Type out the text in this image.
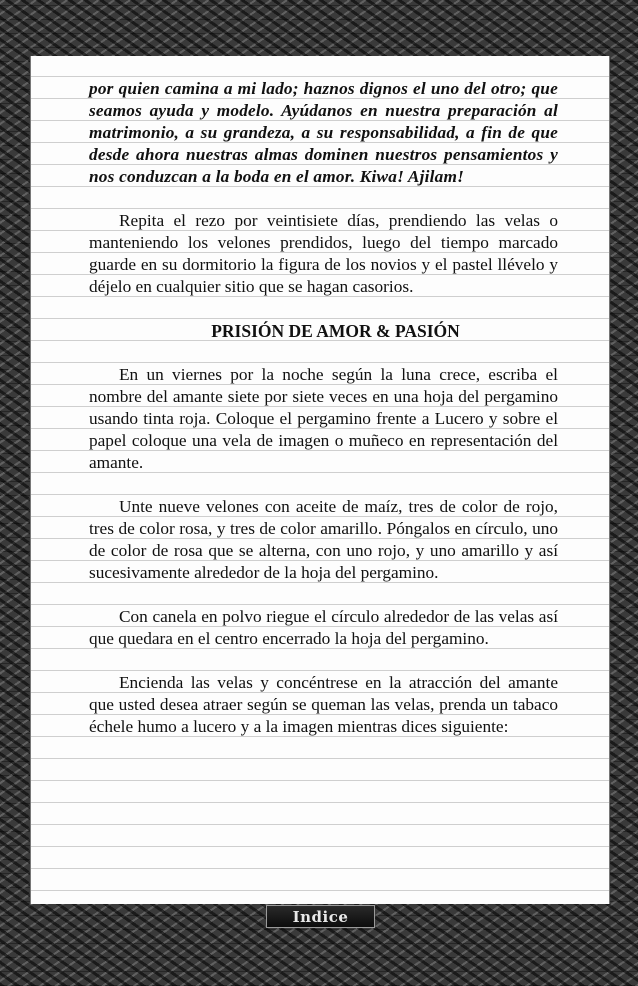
por quien camina a mi lado; haznos dignos el uno del otro; que seamos ayuda y modelo. Ayúdanos en nuestra preparación al matrimonio, a su grandeza, a su responsabilidad, a fin de que desde ahora nuestras almas dominen nuestros pensamientos y nos conduzcan a la boda en el amor. Kiwa! Ajilam!

Repita el rezo por veintisiete días, prendiendo las velas o manteniendo los velones prendidos, luego del tiempo marcado guarde en su dormitorio la figura de los novios y el pastel llévelo y déjelo en cualquier sitio que se hagan casorios.

PRISIÓN DE AMOR & PASIÓN

En un viernes por la noche según la luna crece, escriba el nombre del amante siete por siete veces en una hoja del pergamino usando tinta roja. Coloque el pergamino frente a Lucero y sobre el papel coloque una vela de imagen o muñeco en representación del amante.

Unte nueve velones con aceite de maíz, tres de color de rojo, tres de color rosa, y tres de color amarillo. Póngalos en círculo, uno de color de rosa que se alterna, con uno rojo, y uno amarillo y así sucesivamente alrededor de la hoja del pergamino.

Con canela en polvo riegue el círculo alrededor de las velas así que quedara en el centro encerrado la hoja del pergamino.

Encienda las velas y concéntrese en la atracción del amante que usted desea atraer según se queman las velas, prenda un tabaco échele humo a lucero y a la imagen mientras dices siguiente:

Indice
